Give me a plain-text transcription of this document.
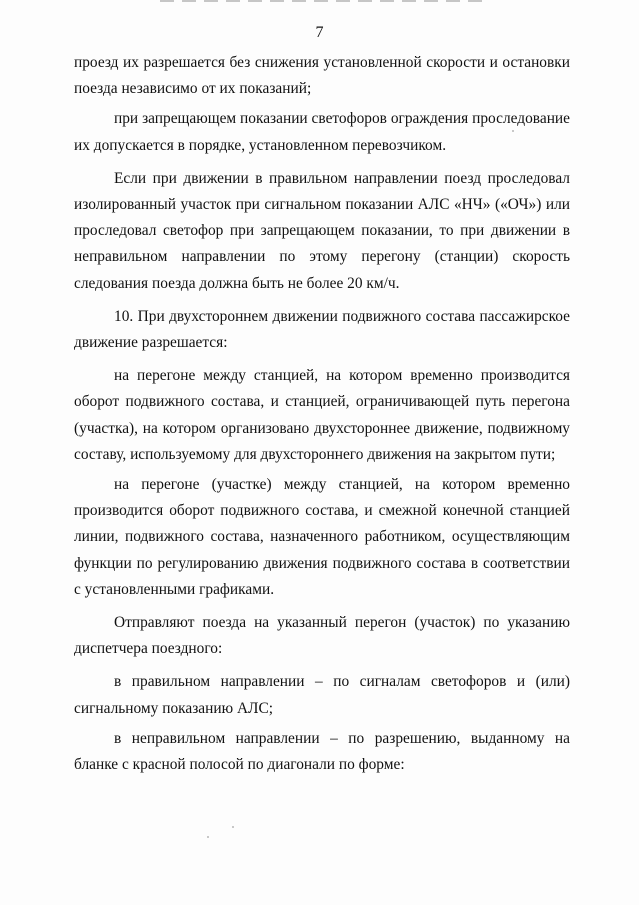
7

проезд их разрешается без снижения установленной скорости и остановки поезда независимо от их показаний;

при запрещающем показании светофоров ограждения проследование их допускается в порядке, установленном перевозчиком.

Если при движении в правильном направлении поезд проследовал изолированный участок при сигнальном показании АЛС «НЧ» («ОЧ») или проследовал светофор при запрещающем показании, то при движении в неправильном направлении по этому перегону (станции) скорость следования поезда должна быть не более 20 км/ч.

10. При двухстороннем движении подвижного состава пассажирское движение разрешается:

на перегоне между станцией, на котором временно производится оборот подвижного состава, и станцией, ограничивающей путь перегона (участка), на котором организовано двухстороннее движение, подвижному составу, используемому для двухстороннего движения на закрытом пути;

на перегоне (участке) между станцией, на котором временно производится оборот подвижного состава, и смежной конечной станцией линии, подвижного состава, назначенного работником, осуществляющим функции по регулированию движения подвижного состава в соответствии с установленными графиками.

Отправляют поезда на указанный перегон (участок) по указанию диспетчера поездного:

в правильном направлении – по сигналам светофоров и (или) сигнальному показанию АЛС;

в неправильном направлении – по разрешению, выданному на бланке с красной полосой по диагонали по форме:
